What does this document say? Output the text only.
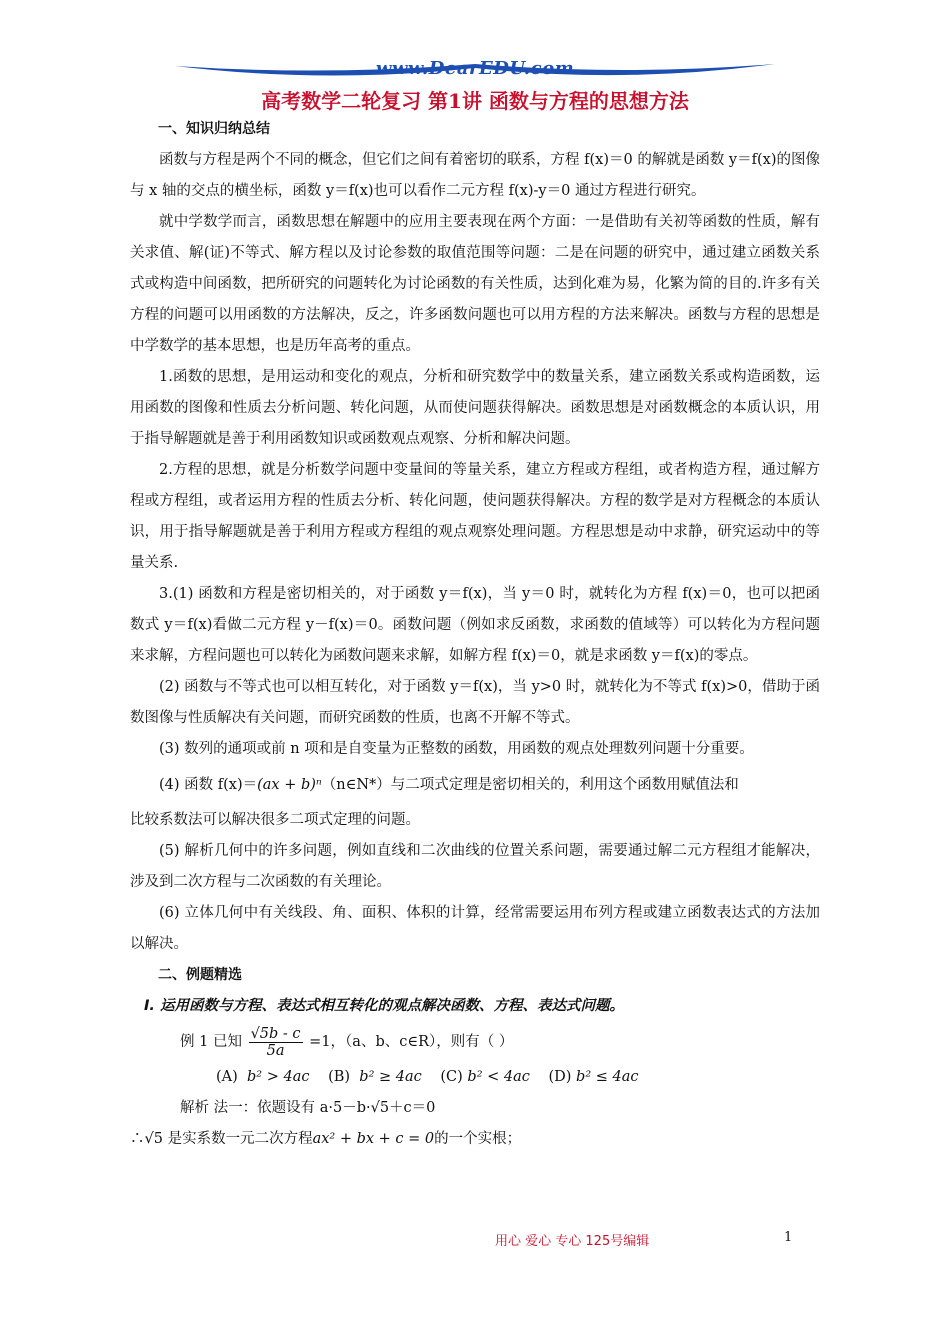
www.DearEDU.com
高考数学二轮复习 第1讲 函数与方程的思想方法

一、知识归纳总结

函数与方程是两个不同的概念，但它们之间有着密切的联系，方程 f(x)＝0 的解就是函数 y＝f(x)的图像与 x 轴的交点的横坐标，函数 y＝f(x)也可以看作二元方程 f(x)-y＝0 通过方程进行研究。

就中学数学而言，函数思想在解题中的应用主要表现在两个方面：一是借助有关初等函数的性质，解有关求值、解(证)不等式、解方程以及讨论参数的取值范围等问题：二是在问题的研究中，通过建立函数关系式或构造中间函数，把所研究的问题转化为讨论函数的有关性质，达到化难为易，化繁为简的目的.许多有关方程的问题可以用函数的方法解决，反之，许多函数问题也可以用方程的方法来解决。函数与方程的思想是中学数学的基本思想，也是历年高考的重点。

1.函数的思想，是用运动和变化的观点，分析和研究数学中的数量关系，建立函数关系或构造函数，运用函数的图像和性质去分析问题、转化问题，从而使问题获得解决。函数思想是对函数概念的本质认识，用于指导解题就是善于利用函数知识或函数观点观察、分析和解决问题。

2.方程的思想，就是分析数学问题中变量间的等量关系，建立方程或方程组，或者构造方程，通过解方程或方程组，或者运用方程的性质去分析、转化问题，使问题获得解决。方程的数学是对方程概念的本质认识，用于指导解题就是善于利用方程或方程组的观点观察处理问题。方程思想是动中求静，研究运动中的等量关系.

3.(1) 函数和方程是密切相关的，对于函数 y＝f(x)，当 y＝0 时，就转化为方程 f(x)＝0，也可以把函数式 y＝f(x)看做二元方程 y－f(x)＝0。函数问题（例如求反函数，求函数的值域等）可以转化为方程问题来求解，方程问题也可以转化为函数问题来求解，如解方程 f(x)＝0，就是求函数 y＝f(x)的零点。

(2) 函数与不等式也可以相互转化，对于函数 y＝f(x)，当 y>0 时，就转化为不等式 f(x)>0，借助于函数图像与性质解决有关问题，而研究函数的性质，也离不开解不等式。

(3) 数列的通项或前 n 项和是自变量为正整数的函数，用函数的观点处理数列问题十分重要。

(4) 函数 f(x)＝(ax + b)ⁿ（n∈N*）与二项式定理是密切相关的，利用这个函数用赋值法和

比较系数法可以解决很多二项式定理的问题。

(5) 解析几何中的许多问题，例如直线和二次曲线的位置关系问题，需要通过解二元方程组才能解决，涉及到二次方程与二次函数的有关理论。

(6) 立体几何中有关线段、角、面积、体积的计算，经常需要运用布列方程或建立函数表达式的方法加以解决。

二、例题精选

Ⅰ. 运用函数与方程、表达式相互转化的观点解决函数、方程、表达式问题。

例 1 已知 $\frac{√5b - c}{5a} =1$，（a、b、c∈R），则有（ ）

(A) b² > 4ac (B) b² ≥ 4ac (C) b² < 4ac (D) b² ≤ 4ac

解析 法一：依题设有 a·5－b·√5＋c＝0

∴√5 是实系数一元二次方程ax² + bx + c = 0的一个实根；

用心 爱心 专心 125号编辑	1
